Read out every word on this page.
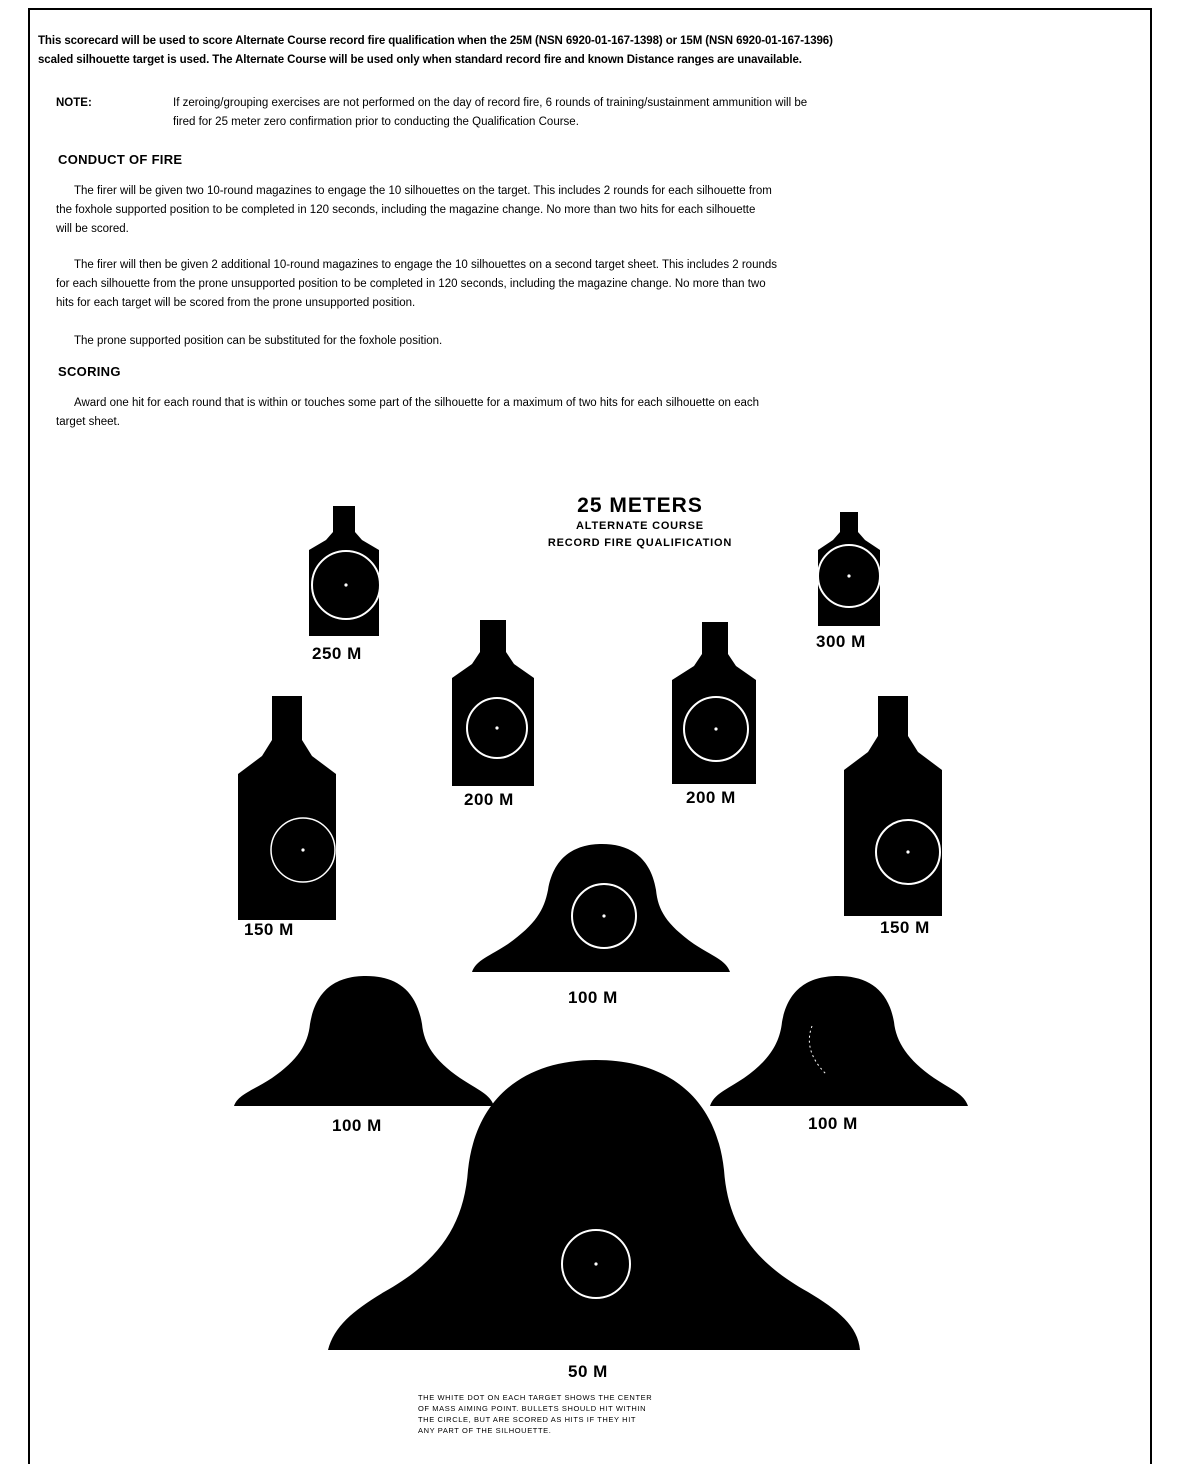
This scorecard will be used to score Alternate Course record fire qualification when the 25M (NSN 6920-01-167-1398) or 15M (NSN 6920-01-167-1396)
scaled silhouette target is used. The Alternate Course will be used only when standard record fire and known Distance ranges are unavailable.
NOTE:	If zeroing/grouping exercises are not performed on the day of record fire, 6 rounds of training/sustainment ammunition will be
fired for 25 meter zero confirmation prior to conducting the Qualification Course.
CONDUCT OF FIRE
The firer will be given two 10-round magazines to engage the 10 silhouettes on the target. This includes 2 rounds for each silhouette from
the foxhole supported position to be completed in 120 seconds, including the magazine change. No more than two hits for each silhouette
will be scored.
The firer will then be given 2 additional 10-round magazines to engage the 10 silhouettes on a second target sheet. This includes 2 rounds
for each silhouette from the prone unsupported position to be completed in 120 seconds, including the magazine change. No more than two
hits for each target will be scored from the prone unsupported position.
The prone supported position can be substituted for the foxhole position.
SCORING
Award one hit for each round that is within or touches some part of the silhouette for a maximum of two hits for each silhouette on each
target sheet.
25 METERS
ALTERNATE COURSE
RECORD FIRE QUALIFICATION
250 M
300 M
200 M	200 M
150 M	150 M
100 M
100 M	100 M
50 M
THE WHITE DOT ON EACH TARGET SHOWS THE CENTER
OF MASS AIMING POINT. BULLETS SHOULD HIT WITHIN
THE CIRCLE, BUT ARE SCORED AS HITS IF THEY HIT
ANY PART OF THE SILHOUETTE.
